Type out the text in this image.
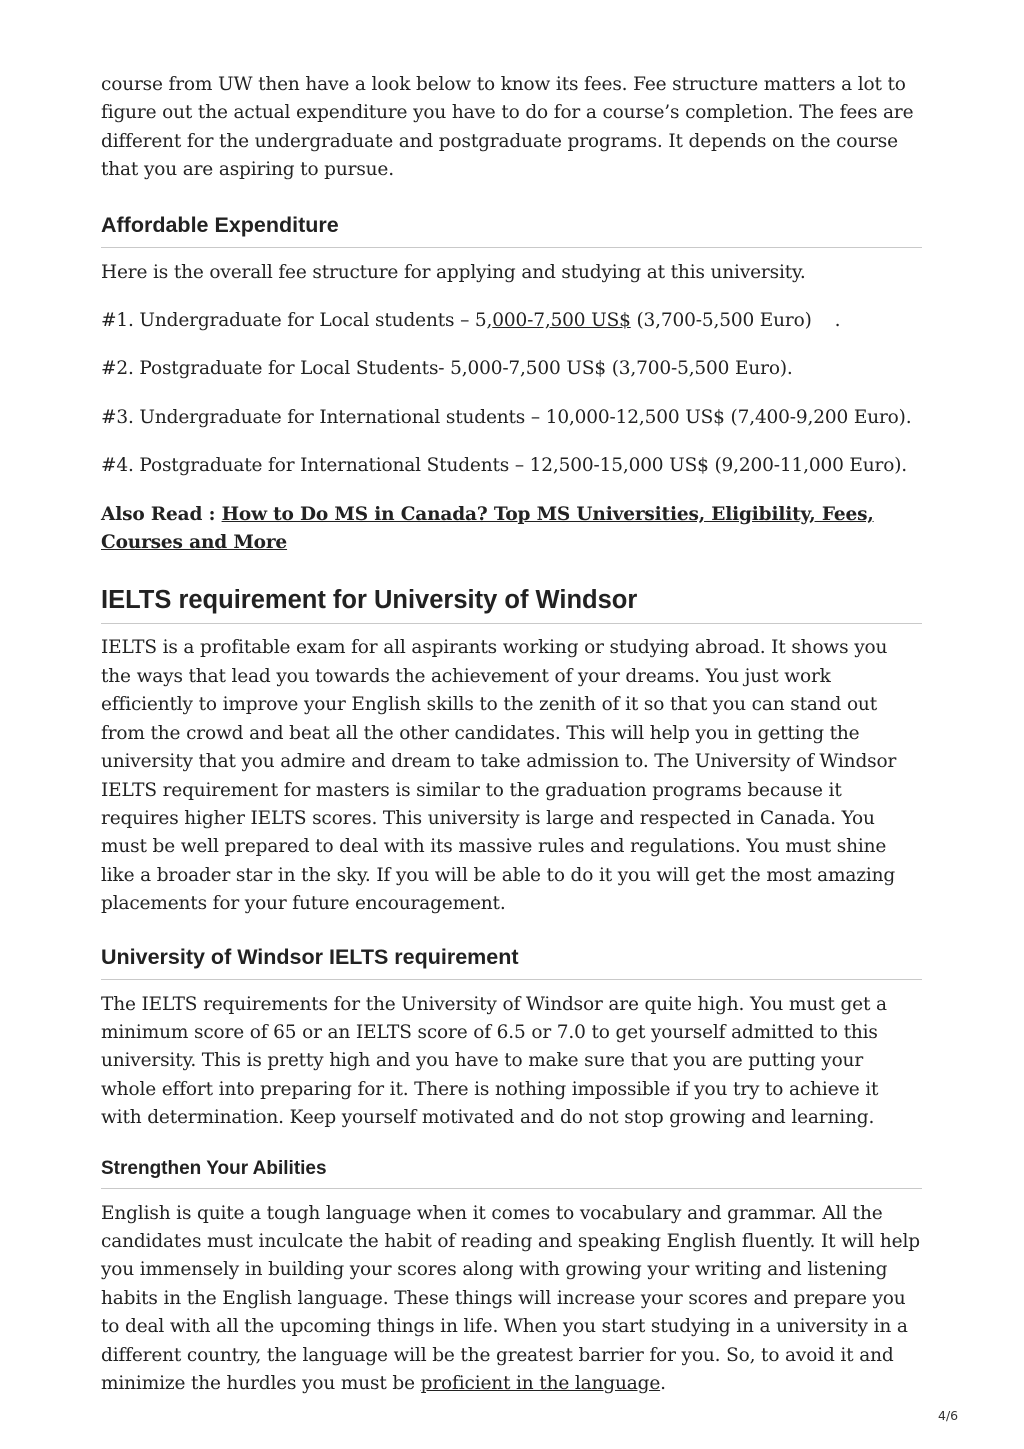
course from UW then have a look below to know its fees. Fee structure matters a lot to figure out the actual expenditure you have to do for a course’s completion. The fees are different for the undergraduate and postgraduate programs. It depends on the course that you are aspiring to pursue.

Affordable Expenditure

Here is the overall fee structure for applying and studying at this university.

#1. Undergraduate for Local students – 5,000-7,500 US$ (3,700-5,500 Euro)    .

#2. Postgraduate for Local Students- 5,000-7,500 US$ (3,700-5,500 Euro).

#3. Undergraduate for International students – 10,000-12,500 US$ (7,400-9,200 Euro).

#4. Postgraduate for International Students – 12,500-15,000 US$ (9,200-11,000 Euro).

Also Read : How to Do MS in Canada? Top MS Universities, Eligibility, Fees, Courses and More

IELTS requirement for University of Windsor

IELTS is a profitable exam for all aspirants working or studying abroad. It shows you the ways that lead you towards the achievement of your dreams. You just work efficiently to improve your English skills to the zenith of it so that you can stand out from the crowd and beat all the other candidates. This will help you in getting the university that you admire and dream to take admission to. The University of Windsor IELTS requirement for masters is similar to the graduation programs because it requires higher IELTS scores. This university is large and respected in Canada. You must be well prepared to deal with its massive rules and regulations. You must shine like a broader star in the sky. If you will be able to do it you will get the most amazing placements for your future encouragement.

University of Windsor IELTS requirement

The IELTS requirements for the University of Windsor are quite high. You must get a minimum score of 65 or an IELTS score of 6.5 or 7.0 to get yourself admitted to this university. This is pretty high and you have to make sure that you are putting your whole effort into preparing for it. There is nothing impossible if you try to achieve it with determination. Keep yourself motivated and do not stop growing and learning.

Strengthen Your Abilities

English is quite a tough language when it comes to vocabulary and grammar. All the candidates must inculcate the habit of reading and speaking English fluently. It will help you immensely in building your scores along with growing your writing and listening habits in the English language. These things will increase your scores and prepare you to deal with all the upcoming things in life. When you start studying in a university in a different country, the language will be the greatest barrier for you. So, to avoid it and minimize the hurdles you must be proficient in the language.

4/6
